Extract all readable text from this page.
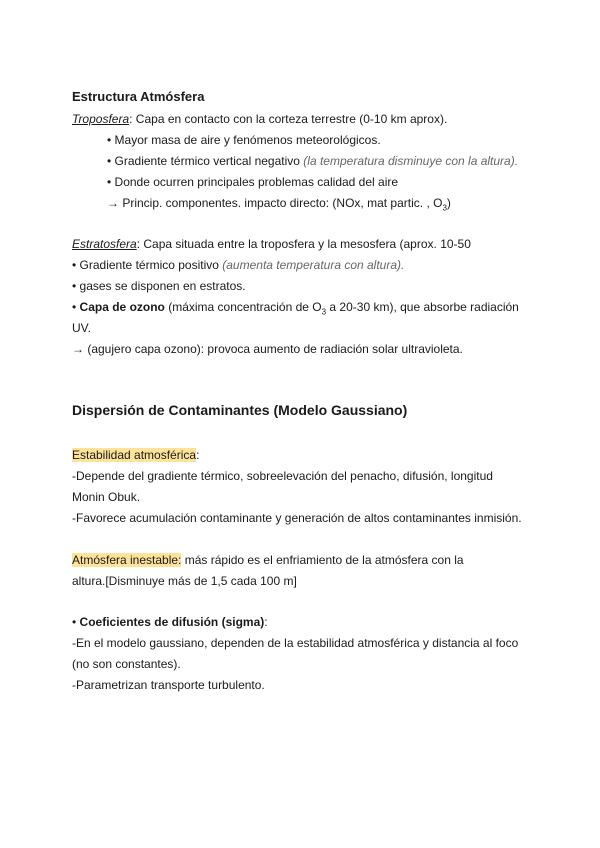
Estructura Atmósfera
Troposfera: Capa en contacto con la corteza terrestre (0-10 km aprox).
• Mayor masa de aire y fenómenos meteorológicos.
• Gradiente térmico vertical negativo (la temperatura disminuye con la altura).
• Donde ocurren principales problemas calidad del aire
→ Princip. componentes. impacto directo: (NOx, mat partic. , $O_3$)
Estratosfera: Capa situada entre la troposfera y la mesosfera (aprox. 10-50
• Gradiente térmico positivo (aumenta temperatura con altura).
• gases se disponen en estratos.
• Capa de ozono (máxima concentración de $O_3$ a 20-30 km), que absorbe radiación
UV.
→ (agujero capa ozono): provoca aumento de radiación solar ultravioleta.
Dispersión de Contaminantes (Modelo Gaussiano)
Estabilidad atmosférica:
-Depende del gradiente térmico, sobreelevación del penacho, difusión, longitud
Monin Obuk.
-Favorece acumulación contaminante y generación de altos contaminantes inmisión.
Atmósfera inestable: más rápido es el enfriamiento de la atmósfera con la
altura.[Disminuye más de 1,5 cada 100 m]
• Coeficientes de difusión (sigma):
-En el modelo gaussiano, dependen de la estabilidad atmosférica y distancia al foco
(no son constantes).
-Parametrizan transporte turbulento.
